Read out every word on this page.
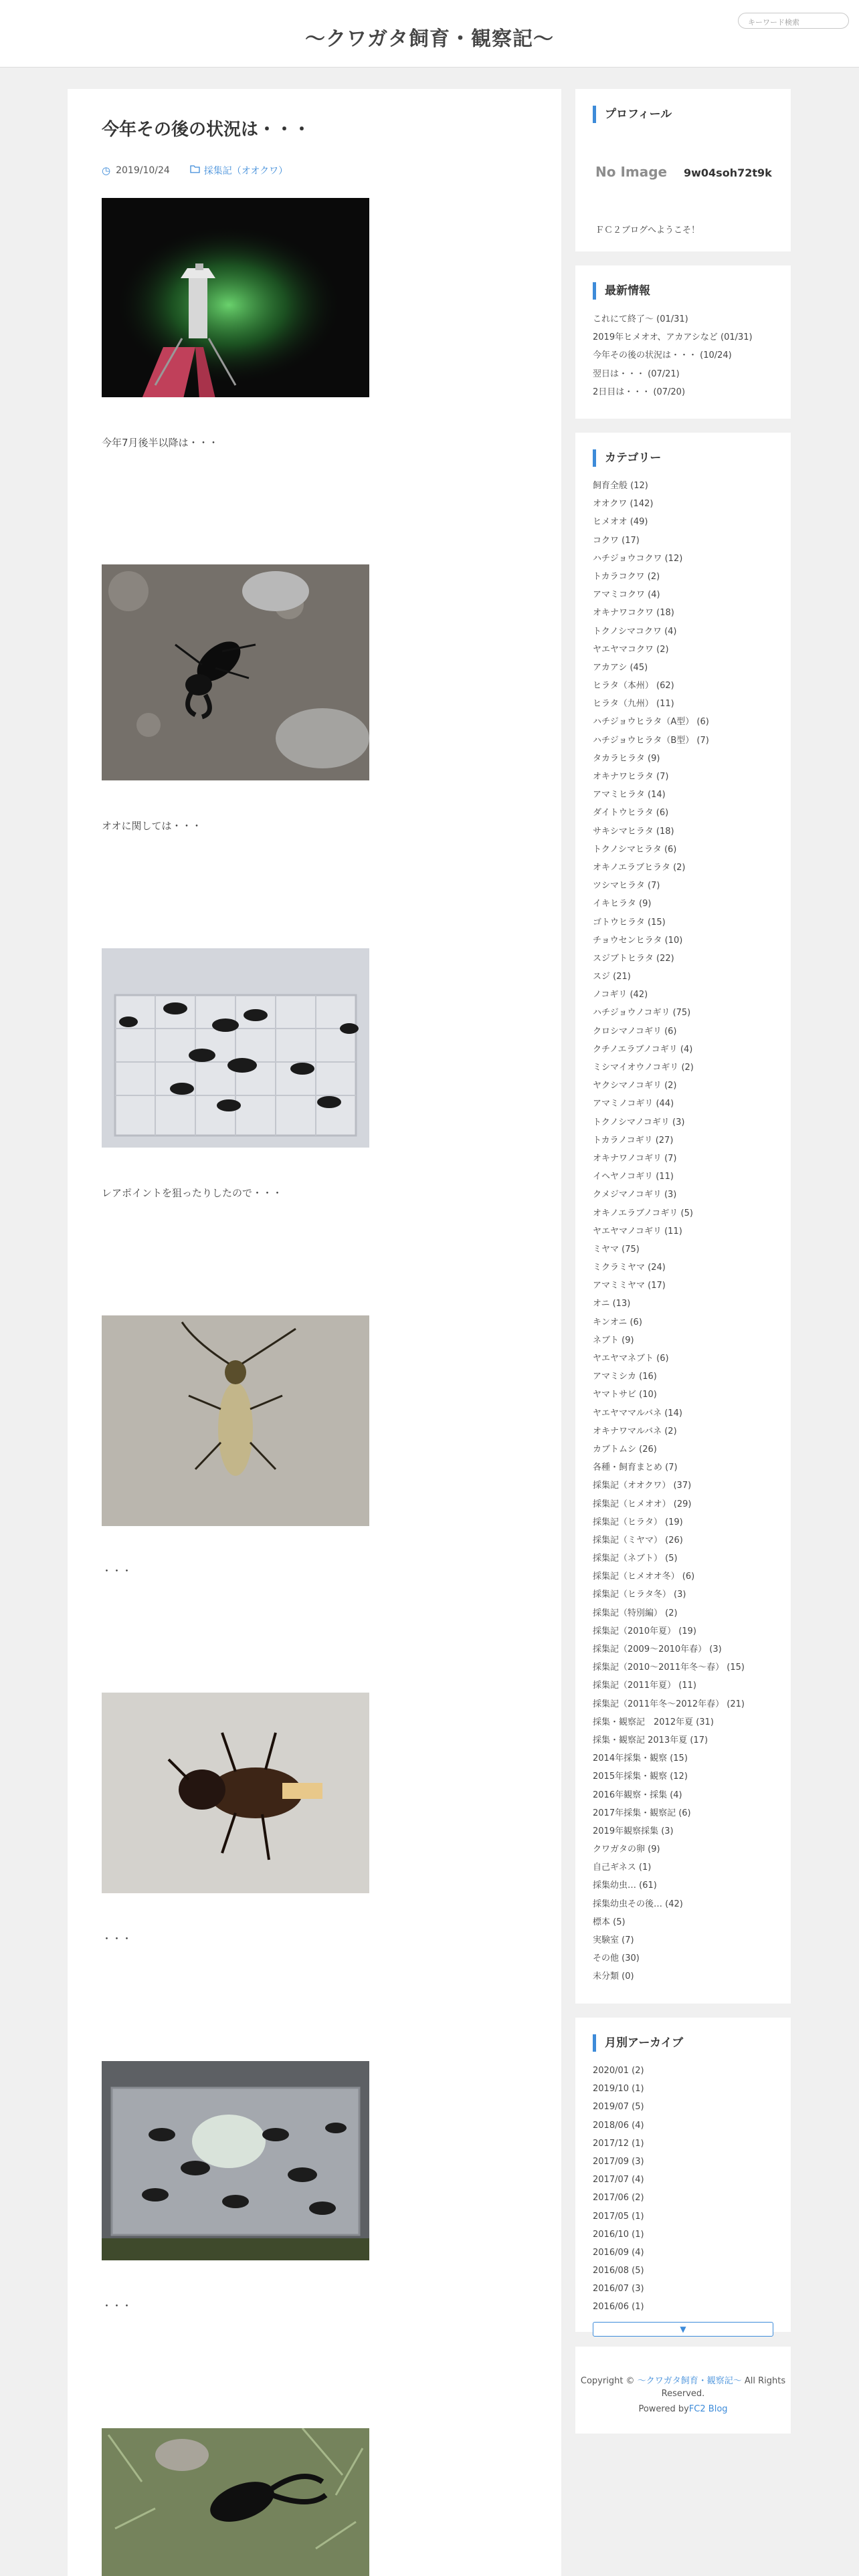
〜クワガタ飼育・観察記〜
キーワード検索
今年その後の状況は・・・
◷ 2019/10/24	採集記（オオクワ）
今年7月後半以降は・・・
オオに関しては・・・
レアポイントを狙ったりしたので・・・
・・・
・・・
・・・
プロフィール
No Image 9w04soh72t9k
ＦＣ２ブログへようこそ！
最新情報
これにて終了〜 (01/31)
2019年ヒメオオ、アカアシなど (01/31)
今年その後の状況は・・・ (10/24)
翌日は・・・ (07/21)
2日目は・・・ (07/20)
カテゴリー
飼育全般 (12)
オオクワ (142)
ヒメオオ (49)
コクワ (17)
ハチジョウコクワ (12)
トカラコクワ (2)
アマミコクワ (4)
オキナワコクワ (18)
トクノシマコクワ (4)
ヤエヤマコクワ (2)
アカアシ (45)
ヒラタ（本州） (62)
ヒラタ（九州） (11)
ハチジョウヒラタ（A型） (6)
ハチジョウヒラタ（B型） (7)
タカラヒラタ (9)
オキナワヒラタ (7)
アマミヒラタ (14)
ダイトウヒラタ (6)
サキシマヒラタ (18)
トクノシマヒラタ (6)
オキノエラブヒラタ (2)
ツシマヒラタ (7)
イキヒラタ (9)
ゴトウヒラタ (15)
チョウセンヒラタ (10)
スジブトヒラタ (22)
スジ (21)
ノコギリ (42)
ハチジョウノコギリ (75)
クロシマノコギリ (6)
クチノエラブノコギリ (4)
ミシマイオウノコギリ (2)
ヤクシマノコギリ (2)
アマミノコギリ (44)
トクノシマノコギリ (3)
トカラノコギリ (27)
オキナワノコギリ (7)
イヘヤノコギリ (11)
クメジマノコギリ (3)
オキノエラブノコギリ (5)
ヤエヤマノコギリ (11)
ミヤマ (75)
ミクラミヤマ (24)
アマミミヤマ (17)
オニ (13)
キンオニ (6)
ネブト (9)
ヤエヤマネブト (6)
アマミシカ (16)
ヤマトサビ (10)
ヤエヤママルバネ (14)
オキナワマルバネ (2)
カブトムシ (26)
各種・飼育まとめ (7)
採集記（オオクワ） (37)
採集記（ヒメオオ） (29)
採集記（ヒラタ） (19)
採集記（ミヤマ） (26)
採集記（ネブト） (5)
採集記（ヒメオオ冬） (6)
採集記（ヒラタ冬） (3)
採集記（特別編） (2)
採集記（2010年夏） (19)
採集記（2009〜2010年春） (3)
採集記（2010〜2011年冬〜春） (15)
採集記（2011年夏） (11)
採集記（2011年冬〜2012年春） (21)
採集・観察記　2012年夏 (31)
採集・観察記 2013年夏 (17)
2014年採集・観察 (15)
2015年採集・観察 (12)
2016年観察・採集 (4)
2017年採集・観察記 (6)
2019年観察採集 (3)
クワガタの卵 (9)
自己ギネス (1)
採集幼虫… (61)
採集幼虫その後… (42)
標本 (5)
実験室 (7)
その他 (30)
未分類 (0)
月別アーカイブ
2020/01 (2)
2019/10 (1)
2019/07 (5)
2018/06 (4)
2017/12 (1)
2017/09 (3)
2017/07 (4)
2017/06 (2)
2017/05 (1)
2016/10 (1)
2016/09 (4)
2016/08 (5)
2016/07 (3)
2016/06 (1)
▼
Copyright © 〜クワガタ飼育・観察記〜 All Rights
Reserved.
Powered byFC2 Blog
